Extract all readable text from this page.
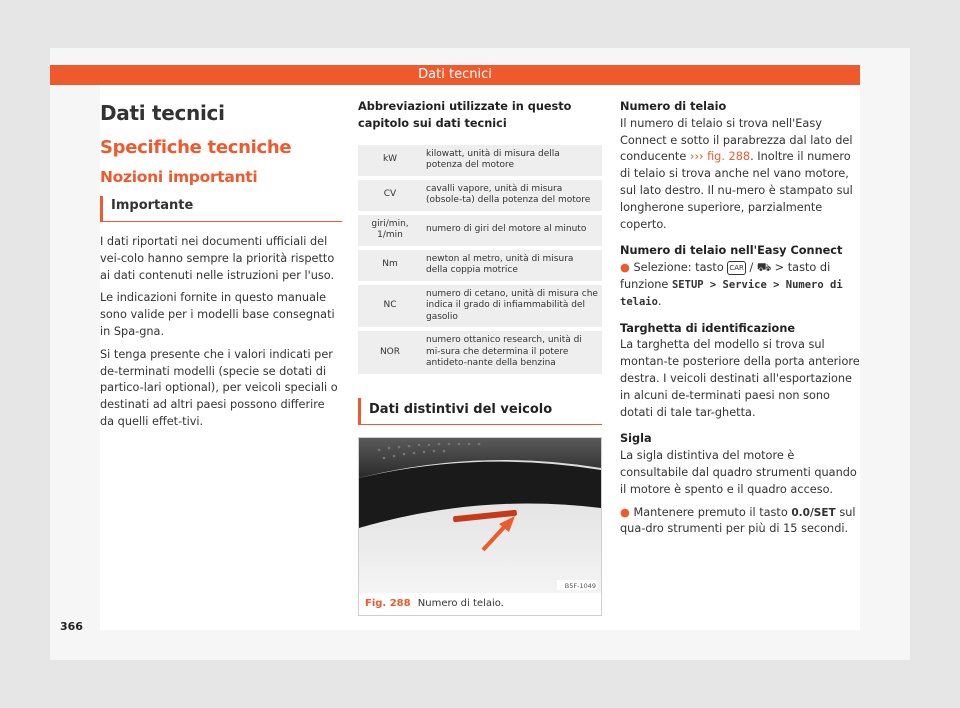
Dati tecnici
Dati tecnici
Specifiche tecniche
Nozioni importanti
Importante

I dati riportati nei documenti ufficiali del vei-colo hanno sempre la priorità rispetto ai dati contenuti nelle istruzioni per l'uso.

Le indicazioni fornite in questo manuale sono valide per i modelli base consegnati in Spa-gna.

Si tenga presente che i valori indicati per de-terminati modelli (specie se dotati di partico-lari optional), per veicoli speciali o destinati ad altri paesi possono differire da quelli effet-tivi.

Abbreviazioni utilizzate in questo capitolo sui dati tecnici
kW	kilowatt, unità di misura della potenza del motore
CV	cavalli vapore, unità di misura (obsole-ta) della potenza del motore
giri/min, 1/min	numero di giri del motore al minuto
Nm	newton al metro, unità di misura della coppia motrice
NC	numero di cetano, unità di misura che indica il grado di infiammabilità del gasolio
NOR	numero ottanico research, unità di mi-sura che determina il potere antideto-nante della benzina
Dati distintivi del veicolo
B5F-1049
Fig. 288 Numero di telaio.
Numero di telaio

Il numero di telaio si trova nell'Easy Connect e sotto il parabrezza dal lato del conducente ››› fig. 288. Inoltre il numero di telaio si trova anche nel vano motore, sul lato destro. Il nu-mero è stampato sul longherone superiore, parzialmente coperto.

Numero di telaio nell'Easy Connect

● Selezione: tasto CAR / ⛟ > tasto di funzione SETUP > Service > Numero di telaio.

Targhetta di identificazione

La targhetta del modello si trova sul montan-te posteriore della porta anteriore destra. I veicoli destinati all'esportazione in alcuni de-terminati paesi non sono dotati di tale tar-ghetta.

Sigla

La sigla distintiva del motore è consultabile dal quadro strumenti quando il motore è spento e il quadro acceso.

● Mantenere premuto il tasto 0.0/SET sul qua-dro strumenti per più di 15 secondi.

366
